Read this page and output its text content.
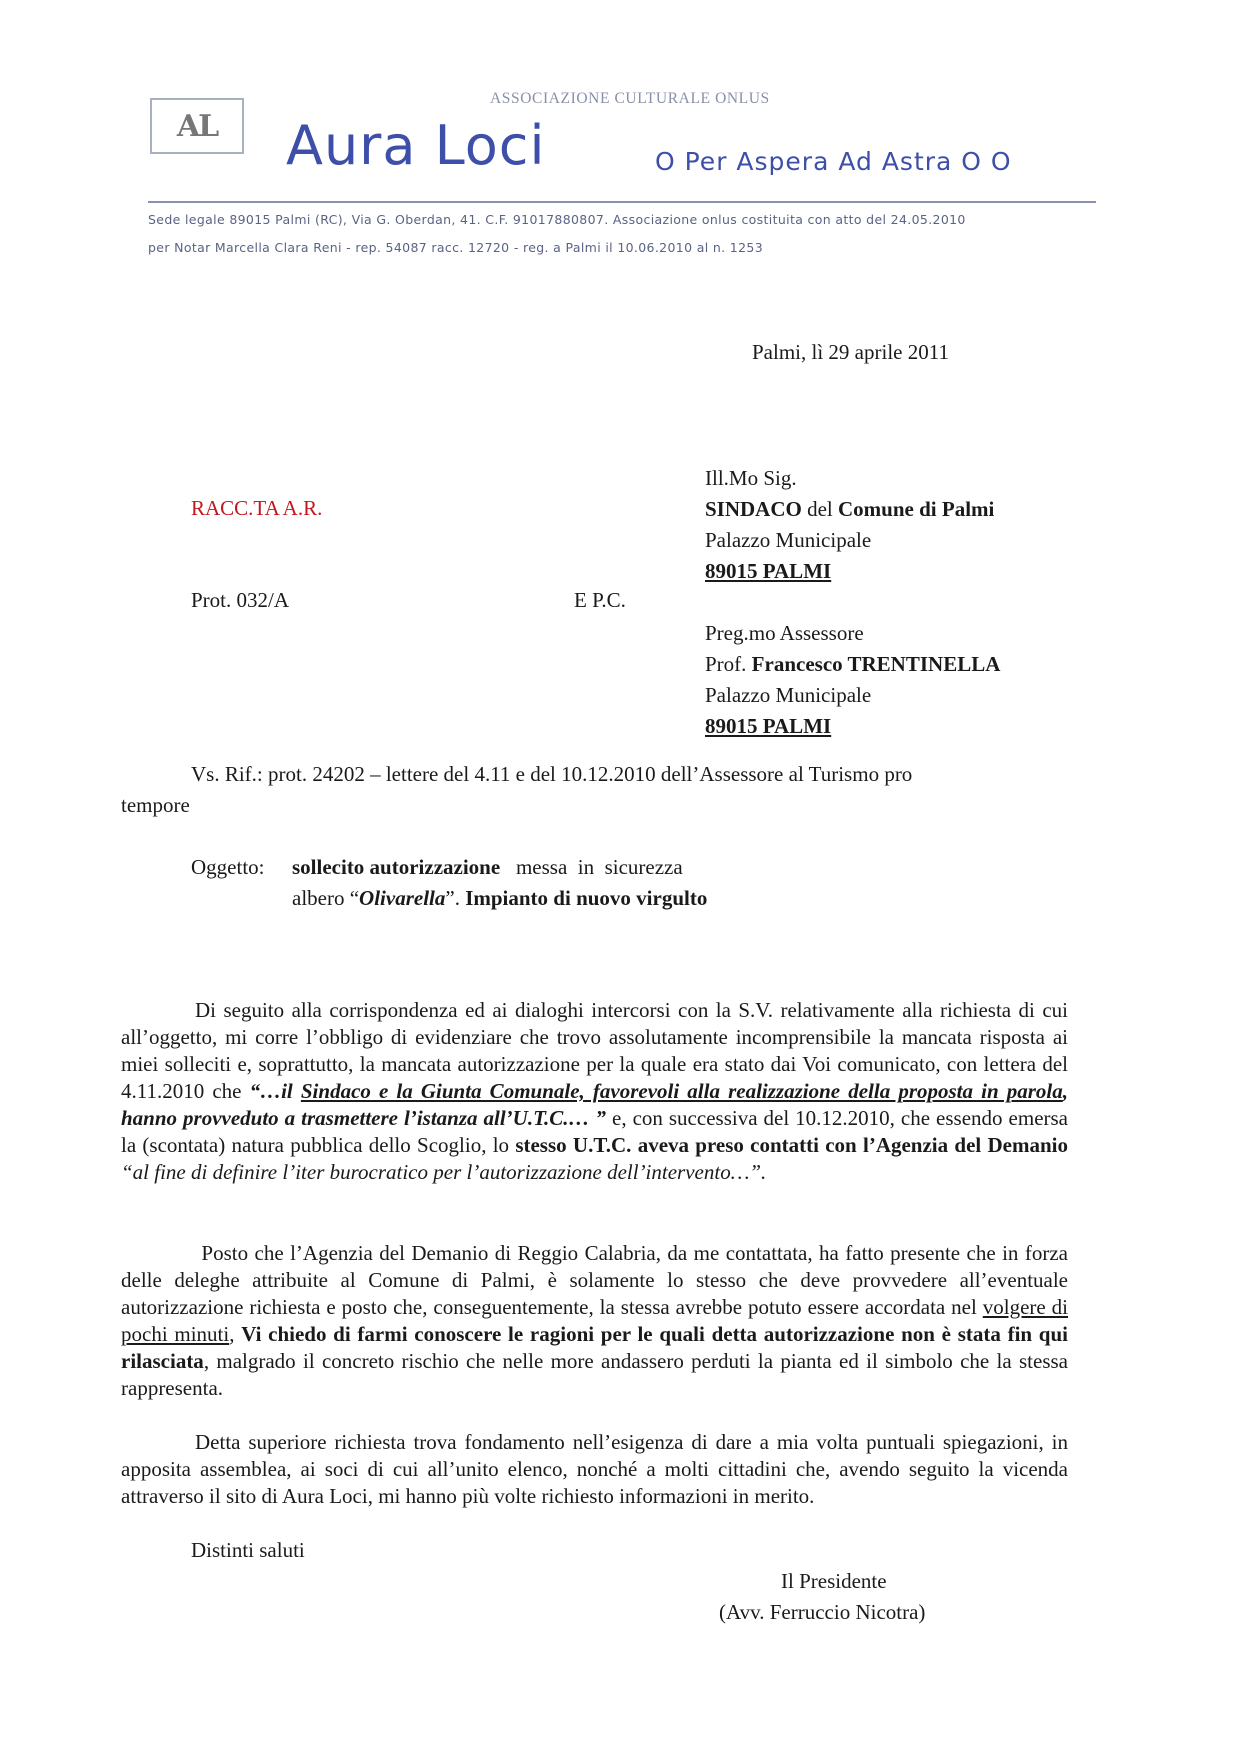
AL
ASSOCIAZIONE CULTURALE ONLUS
Aura Loci	O Per Aspera Ad Astra O O
Sede legale 89015 Palmi (RC), Via G. Oberdan, 41. C.F. 91017880807. Associazione onlus costituita con atto del 24.05.2010
per Notar Marcella Clara Reni - rep. 54087 racc. 12720 - reg. a Palmi il 10.06.2010 al n. 1253
Palmi, lì 29 aprile 2011
RACC.TA A.R.
Prot. 032/A	E P.C.
Ill.Mo Sig.
SINDACO del Comune di Palmi
Palazzo Municipale
89015 PALMI
Preg.mo Assessore
Prof. Francesco TRENTINELLA
Palazzo Municipale
89015 PALMI
Vs. Rif.: prot. 24202 – lettere del 4.11 e del 10.12.2010 dell’Assessore al Turismo pro
tempore
Oggetto: sollecito autorizzazione   messa  in  sicurezza
albero “Olivarella”. Impianto di nuovo virgulto
Di seguito alla corrispondenza ed ai dialoghi intercorsi con la S.V. relativamente alla richiesta di cui all’oggetto, mi corre l’obbligo di evidenziare che trovo assolutamente incomprensibile la mancata risposta ai miei solleciti e, soprattutto, la mancata autorizzazione per la quale era stato dai Voi comunicato, con lettera del 4.11.2010 che “…il Sindaco e la Giunta Comunale, favorevoli alla realizzazione della proposta in parola, hanno provveduto a trasmettere l’istanza all’U.T.C.… ” e, con successiva del 10.12.2010, che essendo emersa la (scontata) natura pubblica dello Scoglio, lo stesso U.T.C. aveva preso contatti con l’Agenzia del Demanio “al fine di definire l’iter burocratico per l’autorizzazione dell’intervento…”.
Posto che l’Agenzia del Demanio di Reggio Calabria, da me contattata, ha fatto presente che in forza delle deleghe attribuite al Comune di Palmi, è solamente lo stesso che deve provvedere all’eventuale autorizzazione richiesta e posto che, conseguentemente, la stessa avrebbe potuto essere accordata nel volgere di pochi minuti, Vi chiedo di farmi conoscere le ragioni per le quali detta autorizzazione non è stata fin qui rilasciata, malgrado il concreto rischio che nelle more andassero perduti la pianta ed il simbolo che la stessa rappresenta.
Detta superiore richiesta trova fondamento nell’esigenza di dare a mia volta puntuali spiegazioni, in apposita assemblea, ai soci di cui all’unito elenco, nonché a molti cittadini che, avendo seguito la vicenda attraverso il sito di Aura Loci, mi hanno più volte richiesto informazioni in merito.
Distinti saluti
Il Presidente
(Avv. Ferruccio Nicotra)
